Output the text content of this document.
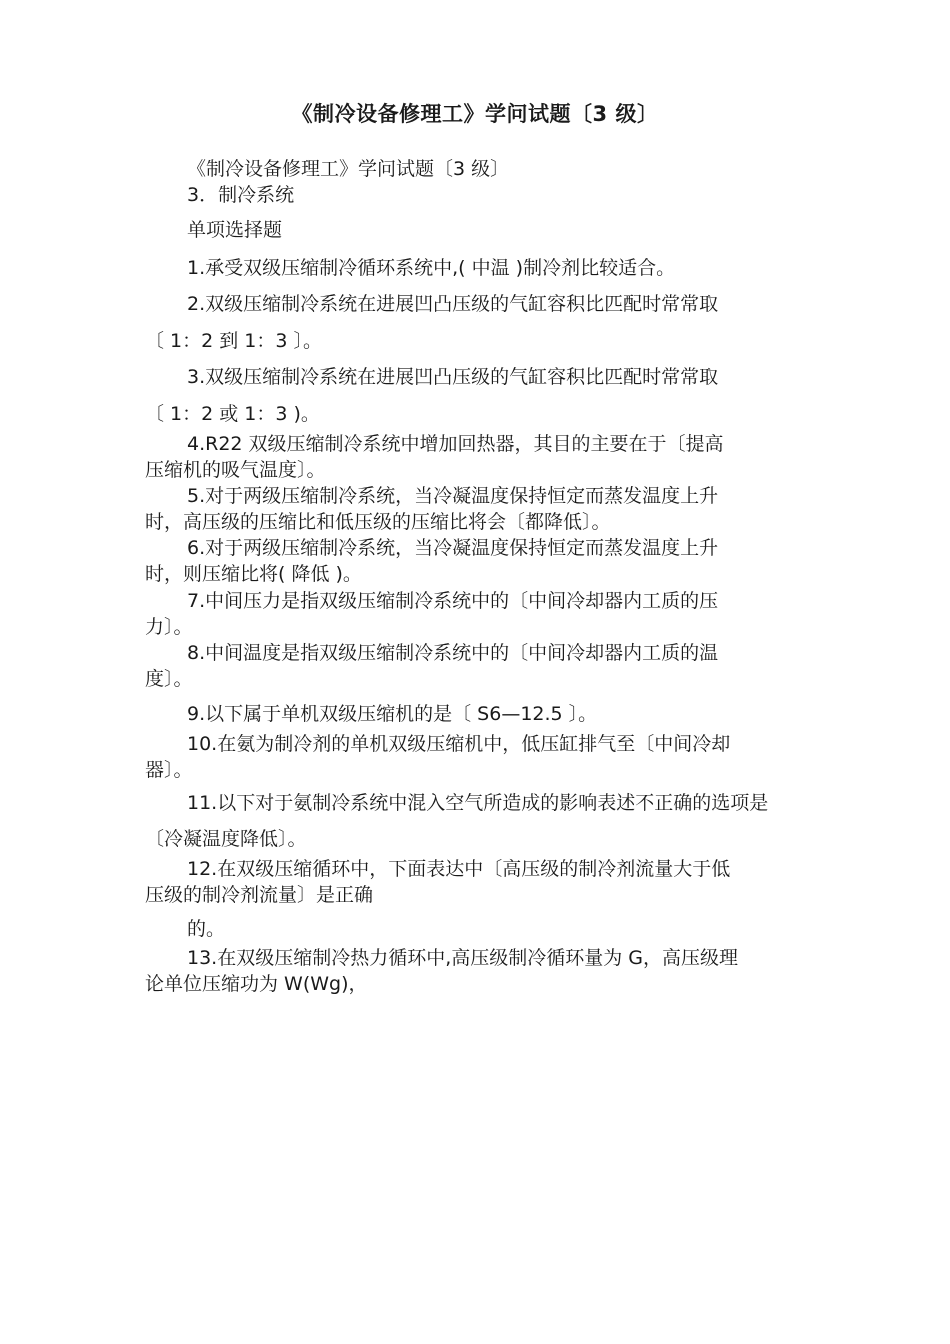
《制冷设备修理工》学问试题〔3 级〕
《制冷设备修理工》学问试题〔3 级〕
3．制冷系统
单项选择题
1.承受双级压缩制冷循环系统中,( 中温 )制冷剂比较适合。
2.双级压缩制冷系统在进展凹凸压级的气缸容积比匹配时常常取
〔 1：2 到 1：3 〕。
3.双级压缩制冷系统在进展凹凸压级的气缸容积比匹配时常常取
〔 1：2 或 1：3 )。
4.R22 双级压缩制冷系统中增加回热器，其目的主要在于〔提高
压缩机的吸气温度〕。
5.对于两级压缩制冷系统，当冷凝温度保持恒定而蒸发温度上升
时，高压级的压缩比和低压级的压缩比将会〔都降低〕。
6.对于两级压缩制冷系统，当冷凝温度保持恒定而蒸发温度上升
时，则压缩比将( 降低 )。
7.中间压力是指双级压缩制冷系统中的〔中间冷却器内工质的压
力〕。
8.中间温度是指双级压缩制冷系统中的〔中间冷却器内工质的温
度〕。
9.以下属于单机双级压缩机的是〔 S6—12.5 〕。
10.在氨为制冷剂的单机双级压缩机中，低压缸排气至〔中间冷却
器〕。
11.以下对于氨制冷系统中混入空气所造成的影响表述不正确的选项是
〔冷凝温度降低〕。
12.在双级压缩循环中，下面表达中〔高压级的制冷剂流量大于低
压级的制冷剂流量〕是正确
的。
13.在双级压缩制冷热力循环中,高压级制冷循环量为 G，高压级理
论单位压缩功为 W(Wg)，
